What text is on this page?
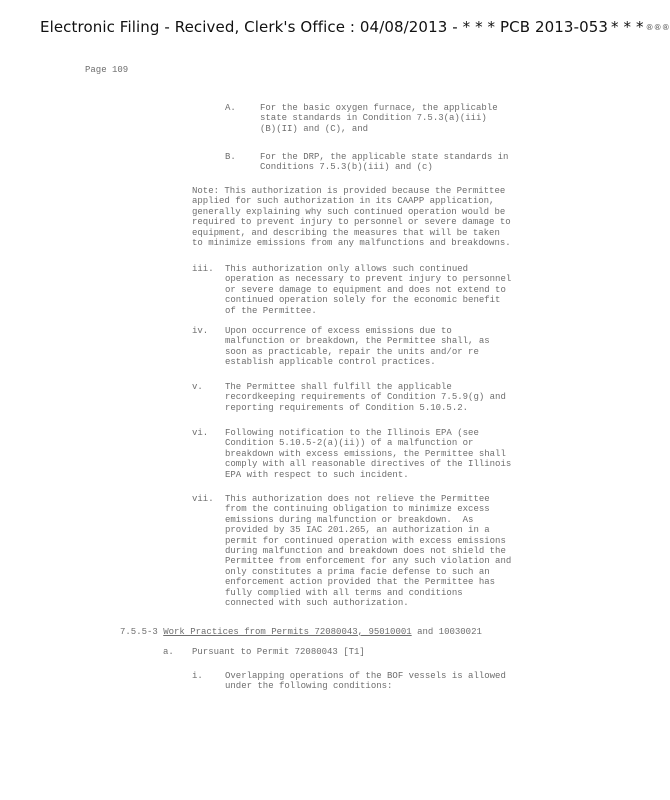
Electronic Filing - Recived, Clerk's Office : 04/08/2013 - * * * PCB 2013-053 * * * ®®®
Page 109
A.	For the basic oxygen furnace, the applicable
state standards in Condition 7.5.3(a)(iii)
(B)(II) and (C), and
B.	For the DRP, the applicable state standards in
Conditions 7.5.3(b)(iii) and (c)
Note: This authorization is provided because the Permittee
applied for such authorization in its CAAPP application,
generally explaining why such continued operation would be
required to prevent injury to personnel or severe damage to
equipment, and describing the measures that will be taken
to minimize emissions from any malfunctions and breakdowns.
iii. This authorization only allows such continued
operation as necessary to prevent injury to personnel
or severe damage to equipment and does not extend to
continued operation solely for the economic benefit
of the Permittee.
iv. Upon occurrence of excess emissions due to
malfunction or breakdown, the Permittee shall, as
soon as practicable, repair the units and/or re
establish applicable control practices.
v. The Permittee shall fulfill the applicable
recordkeeping requirements of Condition 7.5.9(g) and
reporting requirements of Condition 5.10.5.2.
vi. Following notification to the Illinois EPA (see
Condition 5.10.5-2(a)(ii)) of a malfunction or
breakdown with excess emissions, the Permittee shall
comply with all reasonable directives of the Illinois
EPA with respect to such incident.
vii. This authorization does not relieve the Permittee
from the continuing obligation to minimize excess
emissions during malfunction or breakdown.  As
provided by 35 IAC 201.265, an authorization in a
permit for continued operation with excess emissions
during malfunction and breakdown does not shield the
Permittee from enforcement for any such violation and
only constitutes a prima facie defense to such an
enforcement action provided that the Permittee has
fully complied with all terms and conditions
connected with such authorization.
7.5.5-3 Work Practices from Permits 72080043, 95010001 and 10030021
a. Pursuant to Permit 72080043 [T1]
i. Overlapping operations of the BOF vessels is allowed
under the following conditions:
